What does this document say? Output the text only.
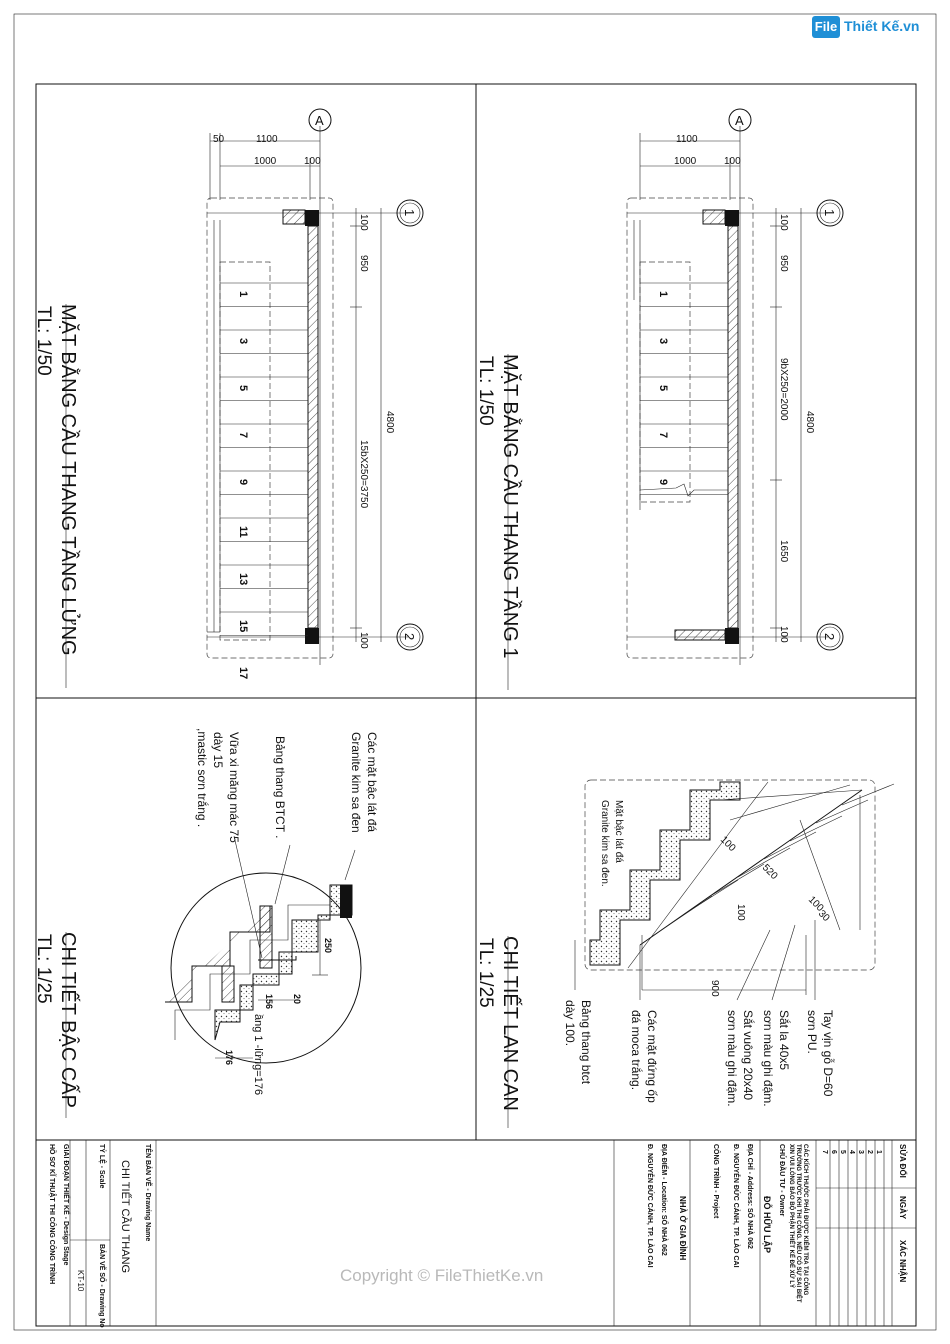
50	1100
1000	100
A
1
3
5
7
9
11
13
15
17
100
950
15bX250=3750
100
4800
1
2
MẶT BẰNG CẦU THANG TẦNG LỬNG
TL: 1/50
1100
1000	100
A
1
3
5
7
9
100
950
9bX250=2000
1650
100
4800
1
2
MẶT BẰNG CẦU THANG TẦNG 1
TL: 1/50
250
156 20
176 ầng 1 -lững=176
Các mặt bậc lát đá
Granite kim sa đen
Bảng thang BTCT .
Vữa xi măng mác 75
dày 15
,mastic sơn trắng .
CHI TIẾT BẬC CẤP
TL: 1/25	900
100
520
100
100	30
Mặt bậc lát đá
Granite kim sa đen.
Tay vịn gỗ D=60
sơn PU.
Sắt la 40x5
sơn màu ghi đậm.
Sắt vuông 20x40
sơn màu ghi đậm.
Các mặt đứng ốp
đá moca trắng.
Bảng thang btct
dày 100.
CHI TIẾT LAN CAN
TL: 1/25
SỬA ĐỔI
NGÀY
XÁC NHẬN
1
2
3
4
5
6
7
CÁC KÍCH THƯỚC PHẢI ĐƯỢC KIỂM TRA TẠI CÔNG
TRƯỜNG TRƯỚC KHI THI CÔNG. NẾU CÓ SỰ SAI BIỆT
XIN VUI LÒNG BÁO BỘ PHẬN THIẾT KẾ ĐỂ XỬ LÝ
CHỦ ĐẦU TƯ - Owner
ĐỖ HỮU LẬP
ĐỊA CHỈ - Address: SỐ NHÀ 062
Đ. NGUYỄN ĐỨC CẢNH, TP. LÀO CAI
CÔNG TRÌNH - Project
NHÀ Ở GIA ĐÌNH
ĐỊA ĐIỂM - Location: SỐ NHÀ 062
Đ. NGUYỄN ĐỨC CẢNH, TP. LÀO CAI
TÊN BẢN VẼ - Drawing Name
CHI TIẾT CẦU THANG
TỶ LỆ - Scale
BẢN VẼ SỐ - Drawing No
KT-10
GIAI ĐOẠN THIẾT KẾ - Design Stage
HỒ SƠ KĨ THUẬT THI CÔNG CÔNG TRÌNH
File Thiết Kế.vn
Copyright © FileThietKe.vn
